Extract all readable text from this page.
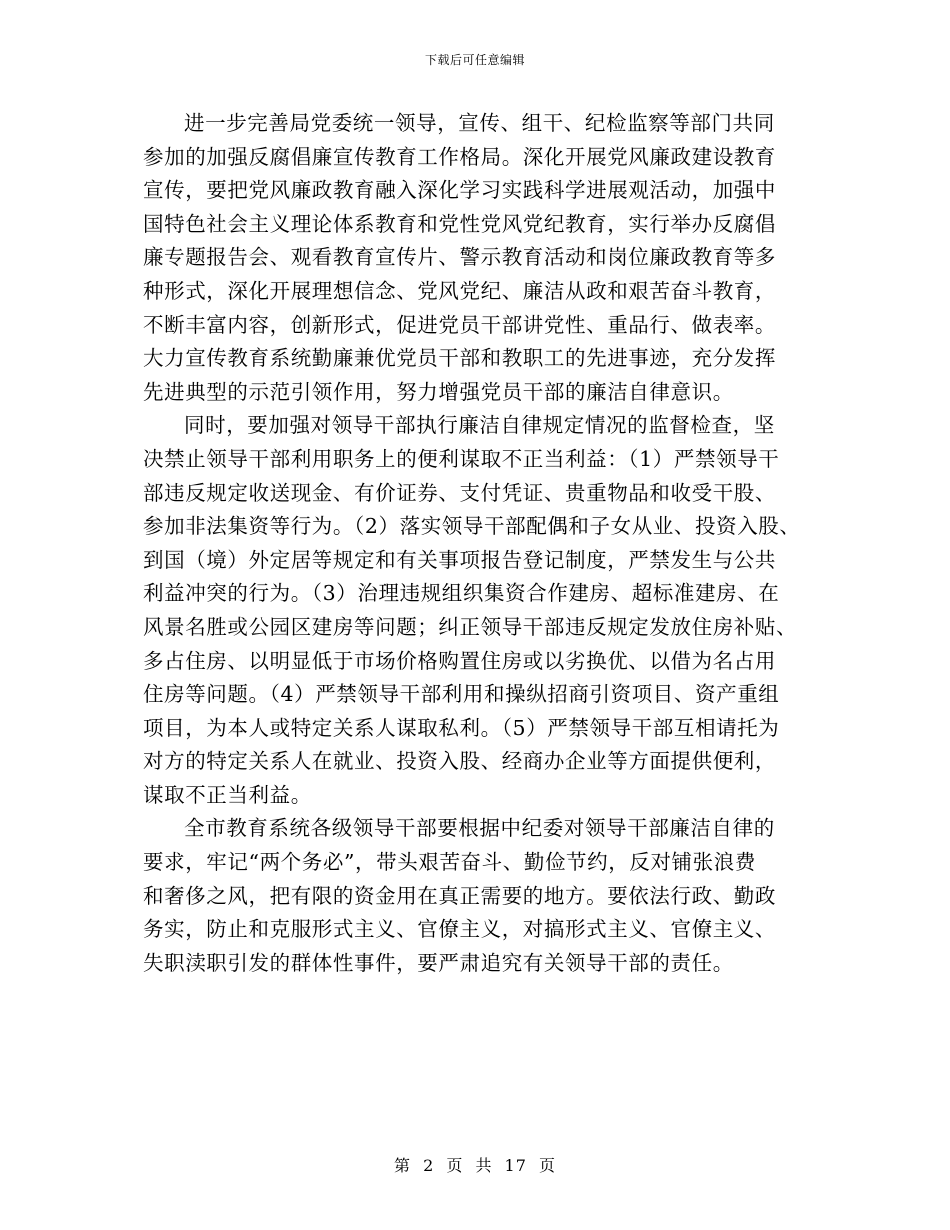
下载后可任意编辑
进一步完善局党委统一领导，宣传、组干、纪检监察等部门共同
参加的加强反腐倡廉宣传教育工作格局。深化开展党风廉政建设教育
宣传，要把党风廉政教育融入深化学习实践科学进展观活动，加强中
国特色社会主义理论体系教育和党性党风党纪教育，实行举办反腐倡
廉专题报告会、观看教育宣传片、警示教育活动和岗位廉政教育等多
种形式，深化开展理想信念、党风党纪、廉洁从政和艰苦奋斗教育，
不断丰富内容，创新形式，促进党员干部讲党性、重品行、做表率。
大力宣传教育系统勤廉兼优党员干部和教职工的先进事迹，充分发挥
先进典型的示范引领作用，努力增强党员干部的廉洁自律意识。
同时，要加强对领导干部执行廉洁自律规定情况的监督检查，坚
决禁止领导干部利用职务上的便利谋取不正当利益：（1）严禁领导干
部违反规定收送现金、有价证券、支付凭证、贵重物品和收受干股、
参加非法集资等行为。（2）落实领导干部配偶和子女从业、投资入股、
到国（境）外定居等规定和有关事项报告登记制度，严禁发生与公共
利益冲突的行为。（3）治理违规组织集资合作建房、超标准建房、在
风景名胜或公园区建房等问题；纠正领导干部违反规定发放住房补贴、
多占住房、以明显低于市场价格购置住房或以劣换优、以借为名占用
住房等问题。（4）严禁领导干部利用和操纵招商引资项目、资产重组
项目，为本人或特定关系人谋取私利。（5）严禁领导干部互相请托为
对方的特定关系人在就业、投资入股、经商办企业等方面提供便利，
谋取不正当利益。
全市教育系统各级领导干部要根据中纪委对领导干部廉洁自律的
要求，牢记“两个务必”，带头艰苦奋斗、勤俭节约，反对铺张浪费
和奢侈之风，把有限的资金用在真正需要的地方。要依法行政、勤政
务实，防止和克服形式主义、官僚主义，对搞形式主义、官僚主义、
失职渎职引发的群体性事件，要严肃追究有关领导干部的责任。
第 2 页 共 17 页
